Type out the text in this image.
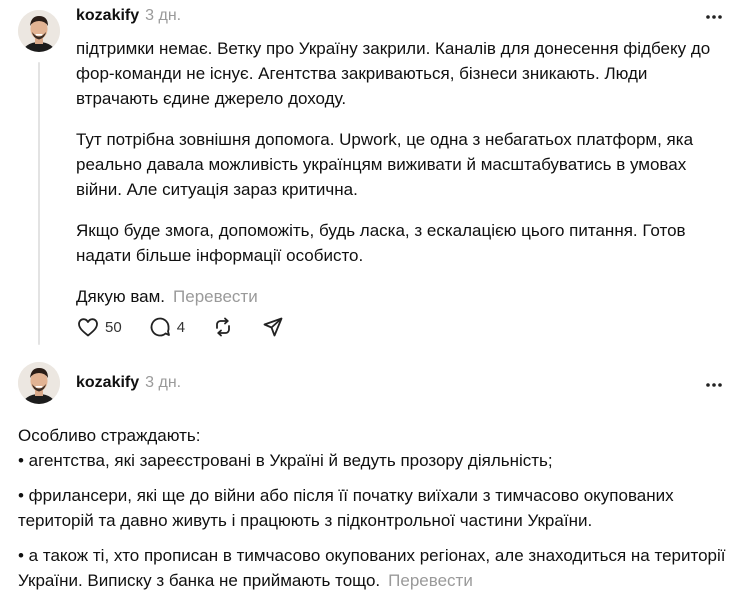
kozakify 3 дн.

підтримки немає. Ветку про Україну закрили. Каналів для донесення фідбеку до фор-команди не існує. Агентства закриваються, бізнеси зникають. Люди втрачають єдине джерело доходу.

Тут потрібна зовнішня допомога. Upwork, це одна з небагатьох платформ, яка реально давала можливість українцям виживати й масштабуватись в умовах війни. Але ситуація зараз критична.

Якщо буде змога, допоможіть, будь ласка, з ескалацією цього питання. Готов надати більше інформації особисто.

Дякую вам. Перевести

50	4
kozakify 3 дн.

Особливо страждають:
• агентства, які зареєстровані в Україні й ведуть прозору діяльність;

• фрилансери, які ще до війни або після її початку виїхали з тимчасово окупованих територій та давно живуть і працюють з підконтрольної частини України.

• а також ті, хто прописан в тимчасово окупованих регіонах, але знаходиться на території України. Виписку з банка не приймають тощо. Перевести
